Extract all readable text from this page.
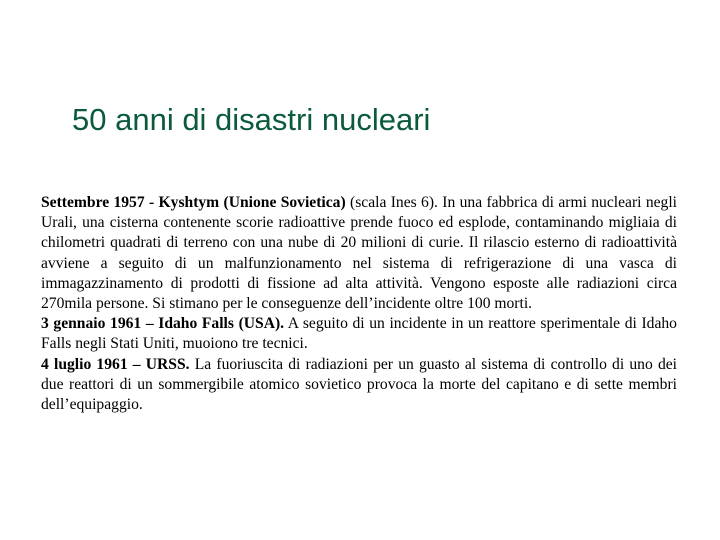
50 anni di disastri nucleari

Settembre 1957 - Kyshtym (Unione Sovietica) (scala Ines 6). In una fabbrica di armi nucleari negli Urali, una cisterna contenente scorie radioattive prende fuoco ed esplode, contaminando migliaia di chilometri quadrati di terreno con una nube di 20 milioni di curie. Il rilascio esterno di radioattività avviene a seguito di un malfunzionamento nel sistema di refrigerazione di una vasca di immagazzinamento di prodotti di fissione ad alta attività. Vengono esposte alle radiazioni circa 270mila persone. Si stimano per le conseguenze dell’incidente oltre 100 morti.

3 gennaio 1961 – Idaho Falls (USA). A seguito di un incidente in un reattore sperimentale di Idaho Falls negli Stati Uniti, muoiono tre tecnici.

4 luglio 1961 – URSS. La fuoriuscita di radiazioni per un guasto al sistema di controllo di uno dei due reattori di un sommergibile atomico sovietico provoca la morte del capitano e di sette membri dell’equipaggio.
